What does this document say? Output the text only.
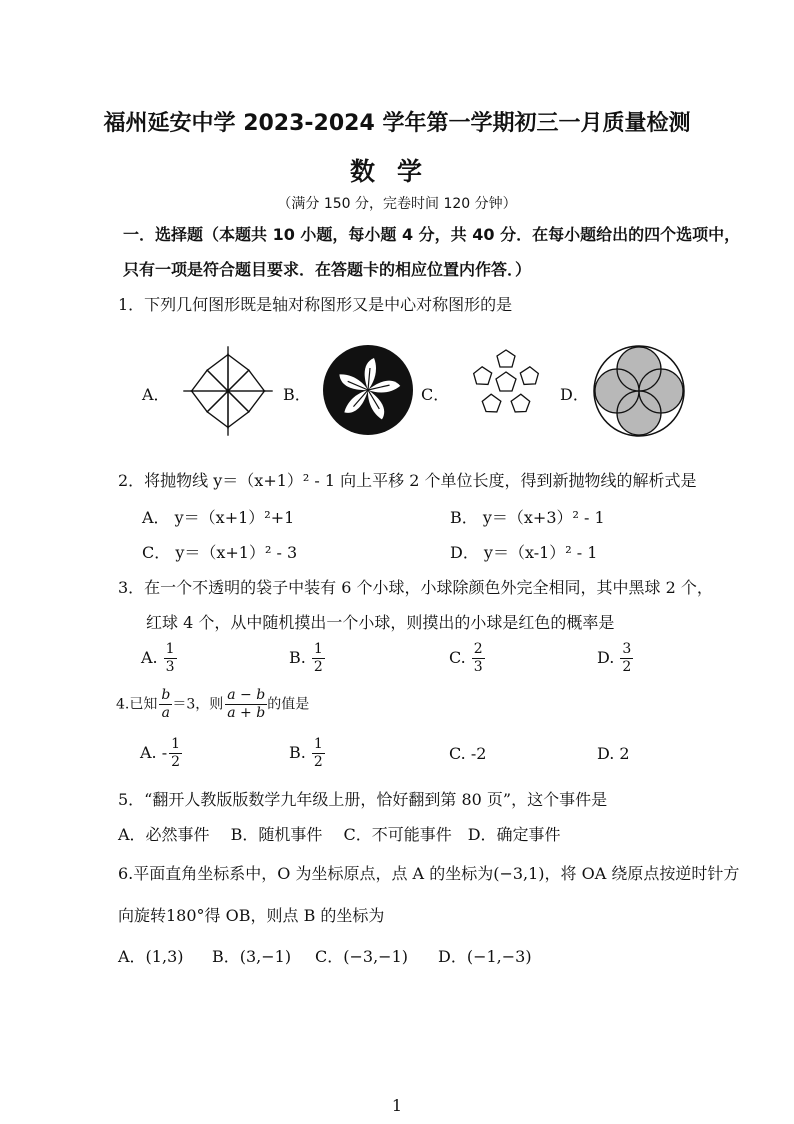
福州延安中学 2023-2024 学年第一学期初三一月质量检测
数学
（满分 150 分，完卷时间 120 分钟）
一．选择题（本题共 10 小题，每小题 4 分，共 40 分．在每小题给出的四个选项中，
只有一项是符合题目要求．在答题卡的相应位置内作答．）
1．下列几何图形既是轴对称图形又是中心对称图形的是
A．	B．	C．	D．
2．将抛物线 y＝（x+1）² - 1 向上平移 2 个单位长度，得到新抛物线的解析式是
A． y＝（x+1）²+1	B． y＝（x+3）² - 1
C． y＝（x+1）² - 3	D． y＝（x-1）² - 1
3．在一个不透明的袋子中装有 6 个小球，小球除颜色外完全相同，其中黑球 2 个，
红球 4 个，从中随机摸出一个小球，则摸出的小球是红色的概率是
A. $\frac{1}{3}$	B. $\frac{1}{2}$	C. $\frac{2}{3}$	D. $\frac{3}{2}$
4.已知 $\frac{b}{a} =3$，则 $\frac{a - b}{a + b}$ 的值是
A. - $\frac{1}{2}$	B. $\frac{1}{2}$	C. -2	D. 2
5．“翻开人教版版数学九年级上册，恰好翻到第 80 页”，这个事件是
A．必然事件　 B．随机事件　 C．不可能事件　D．确定事件
6.平面直角坐标系中，O 为坐标原点，点 A 的坐标为(−3,1)，将 OA 绕原点按逆时针方
向旋转180°得 OB，则点 B 的坐标为
A．(1,3) B．(3,−1) C．(−3,−1) D．(−1,−3)
1
